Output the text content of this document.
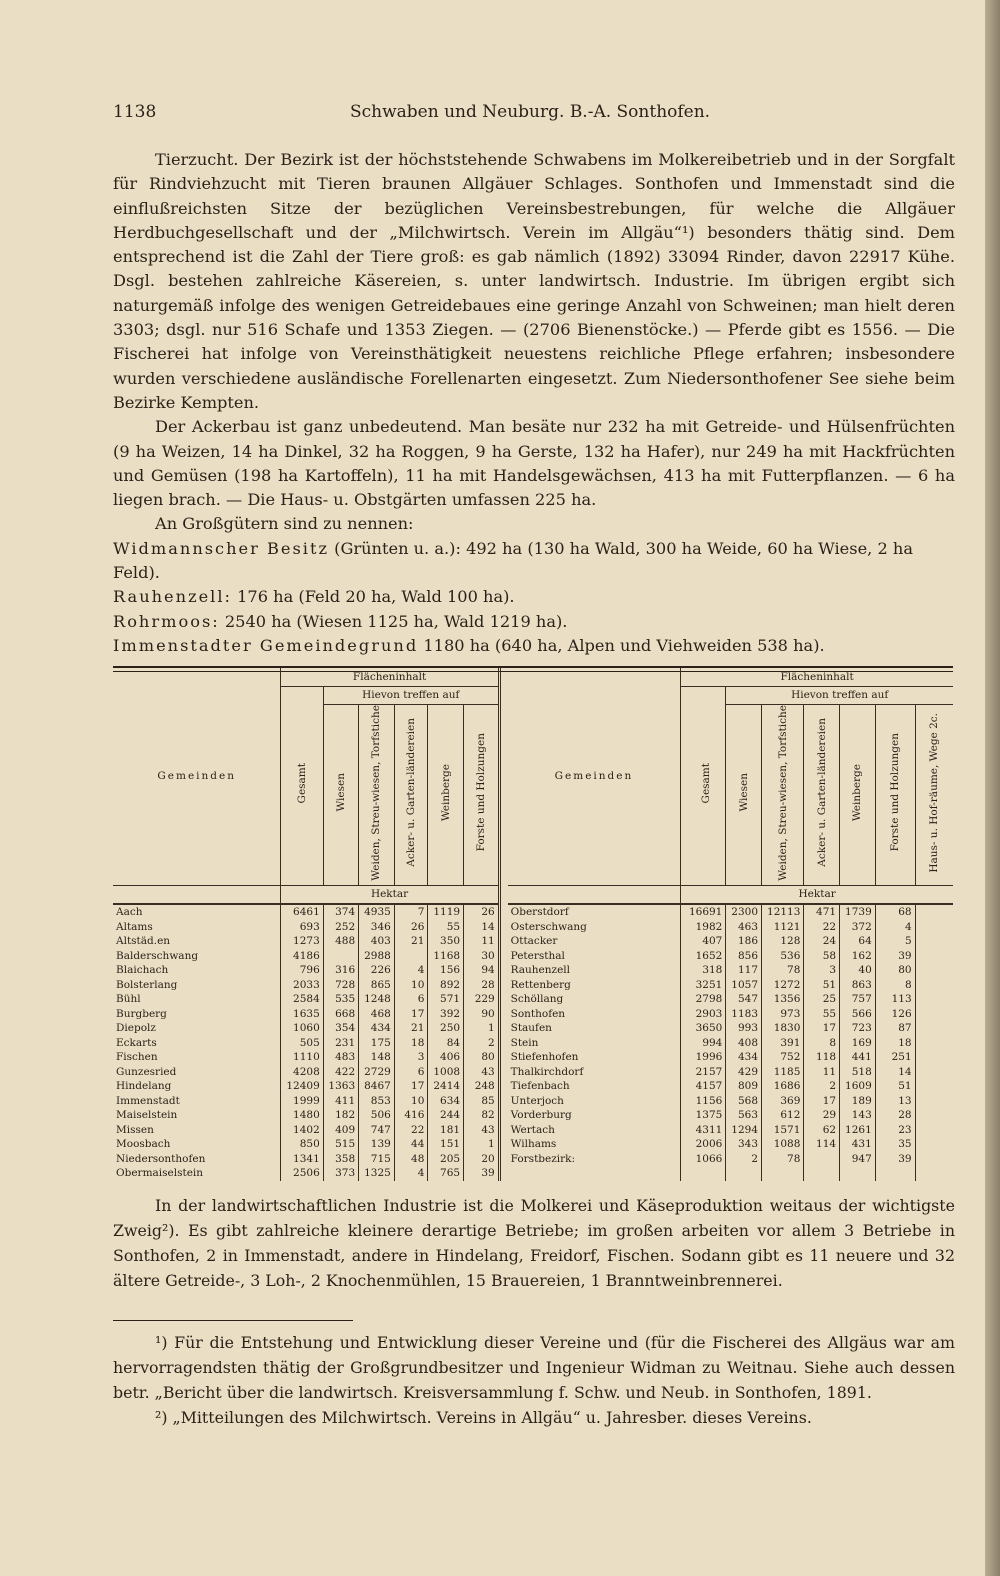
1138	Schwaben und Neuburg. B.-A. Sonthofen.

Tierzucht. Der Bezirk ist der höchststehende Schwabens im Molkereibetrieb und in der Sorgfalt für Rindviehzucht mit Tieren braunen Allgäuer Schlages. Sonthofen und Immenstadt sind die einflußreichsten Sitze der bezüglichen Vereinsbestrebungen, für welche die Allgäuer Herdbuchgesellschaft und der „Milchwirtsch. Verein im Allgäu“¹) besonders thätig sind. Dem entsprechend ist die Zahl der Tiere groß: es gab nämlich (1892) 33094 Rinder, davon 22917 Kühe. Dsgl. bestehen zahlreiche Käsereien, s. unter landwirtsch. Industrie. Im übrigen ergibt sich naturgemäß infolge des wenigen Getreidebaues eine geringe Anzahl von Schweinen; man hielt deren 3303; dsgl. nur 516 Schafe und 1353 Ziegen. — (2706 Bienenstöcke.) — Pferde gibt es 1556. — Die Fischerei hat infolge von Vereinsthätigkeit neuestens reichliche Pflege erfahren; insbesondere wurden verschiedene ausländische Forellenarten eingesetzt. Zum Niedersonthofener See siehe beim Bezirke Kempten.

Der Ackerbau ist ganz unbedeutend. Man besäte nur 232 ha mit Getreide- und Hülsenfrüchten (9 ha Weizen, 14 ha Dinkel, 32 ha Roggen, 9 ha Gerste, 132 ha Hafer), nur 249 ha mit Hackfrüchten und Gemüsen (198 ha Kartoffeln), 11 ha mit Handelsgewächsen, 413 ha mit Futterpflanzen. — 6 ha liegen brach. — Die Haus- u. Obstgärten umfassen 225 ha.

An Großgütern sind zu nennen:

Widmannscher Besitz (Grünten u. a.): 492 ha (130 ha Wald, 300 ha Weide, 60 ha Wiese, 2 ha Feld).
Rauhenzell: 176 ha (Feld 20 ha, Wald 100 ha).
Rohrmoos: 2540 ha (Wiesen 1125 ha, Wald 1219 ha).
Immenstadter Gemeindegrund 1180 ha (640 ha, Alpen und Viehweiden 538 ha).
Gemeinden	Flächeninhalt							Gemeinden	Flächeninhalt						
	Gesamt	Hievon treffen auf							Gesamt	Hievon treffen auf					
		Wiesen	Weiden, Streu-wiesen, Torfstiche	Acker- u. Garten-ländereien	Weinberge	Forste und Holzungen				Wiesen	Weiden, Streu-wiesen, Torfstiche	Acker- u. Garten-ländereien	Weinberge	Forste und Holzungen	Haus- u. Hof-räume, Wege 2c.
	Hektar								Hektar						
Aach	6461	374	4935	7	1119	26		Oberstdorf	16691	2300	12113	471	1739	68	
Altams	693	252	346	26	55	14		Osterschwang	1982	463	1121	22	372	4	
Altstäd.en	1273	488	403	21	350	11		Ottacker	407	186	128	24	64	5	
Balderschwang	4186		2988		1168	30		Petersthal	1652	856	536	58	162	39	
Blaichach	796	316	226	4	156	94		Rauhenzell	318	117	78	3	40	80	
Bolsterlang	2033	728	865	10	892	28		Rettenberg	3251	1057	1272	51	863	8	
Bühl	2584	535	1248	6	571	229		Schöllang	2798	547	1356	25	757	113	
Burgberg	1635	668	468	17	392	90		Sonthofen	2903	1183	973	55	566	126	
Diepolz	1060	354	434	21	250	1		Staufen	3650	993	1830	17	723	87	
Eckarts	505	231	175	18	84	2		Stein	994	408	391	8	169	18	
Fischen	1110	483	148	3	406	80		Stiefenhofen	1996	434	752	118	441	251	
Gunzesried	4208	422	2729	6	1008	43		Thalkirchdorf	2157	429	1185	11	518	14	
Hindelang	12409	1363	8467	17	2414	248		Tiefenbach	4157	809	1686	2	1609	51	
Immenstadt	1999	411	853	10	634	85		Unterjoch	1156	568	369	17	189	13	
Maiselstein	1480	182	506	416	244	82		Vorderburg	1375	563	612	29	143	28	
Missen	1402	409	747	22	181	43		Wertach	4311	1294	1571	62	1261	23	
Moosbach	850	515	139	44	151	1		Wilhams	2006	343	1088	114	431	35	
Niedersonthofen	1341	358	715	48	205	20		Forstbezirk:	1066	2	78		947	39	
Obermaiselstein	2506	373	1325	4	765	39									

In der landwirtschaftlichen Industrie ist die Molkerei und Käseproduktion weitaus der wichtigste Zweig²). Es gibt zahlreiche kleinere derartige Betriebe; im großen arbeiten vor allem 3 Betriebe in Sonthofen, 2 in Immenstadt, andere in Hindelang, Freidorf, Fischen. Sodann gibt es 11 neuere und 32 ältere Getreide-, 3 Loh-, 2 Knochenmühlen, 15 Brauereien, 1 Branntweinbrennerei.

¹) Für die Entstehung und Entwicklung dieser Vereine und (für die Fischerei des Allgäus war am hervorragendsten thätig der Großgrundbesitzer und Ingenieur Widman zu Weitnau. Siehe auch dessen betr. „Bericht über die landwirtsch. Kreisversammlung f. Schw. und Neub. in Sonthofen, 1891.

²) „Mitteilungen des Milchwirtsch. Vereins in Allgäu“ u. Jahresber. dieses Vereins.
